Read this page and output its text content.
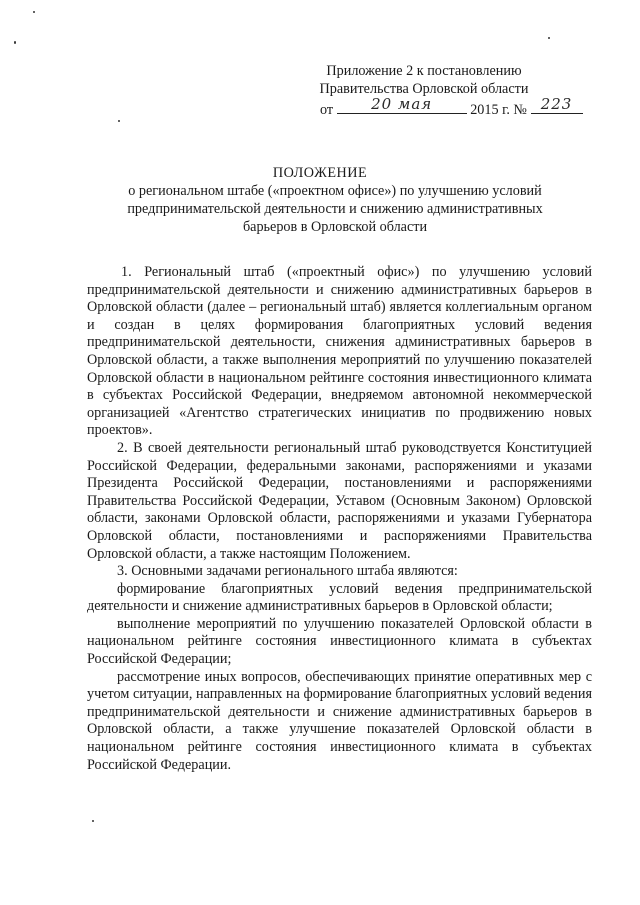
Приложение 2 к постановлению
Правительства Орловской области
от	20 мая	2015 г. № 223
ПОЛОЖЕНИЕ
о региональном штабе («проектном офисе») по улучшению условий
предпринимательской деятельности и снижению административных
барьеров в Орловской области

1. Региональный штаб («проектный офис») по улучшению условий предпринимательской деятельности и снижению административных барьеров в Орловской области (далее – региональный штаб) является коллегиальным органом и создан в целях формирования благоприятных условий ведения предпринимательской деятельности, снижения административных барьеров в Орловской области, а также выполнения мероприятий по улучшению показателей Орловской области в национальном рейтинге состояния инвестиционного климата в субъектах Российской Федерации, внедряемом автономной некоммерческой организацией «Агентство стратегических инициатив по продвижению новых проектов».

2. В своей деятельности региональный штаб руководствуется Конституцией Российской Федерации, федеральными законами, распоряжениями и указами Президента Российской Федерации, постановлениями и распоряжениями Правительства Российской Федерации, Уставом (Основным Законом) Орловской области, законами Орловской области, распоряжениями и указами Губернатора Орловской области, постановлениями и распоряжениями Правительства Орловской области, а также настоящим Положением.

3. Основными задачами регионального штаба являются:

формирование благоприятных условий ведения предпринимательской деятельности и снижение административных барьеров в Орловской области;

выполнение мероприятий по улучшению показателей Орловской области в национальном рейтинге состояния инвестиционного климата в субъектах Российской Федерации;

рассмотрение иных вопросов, обеспечивающих принятие оперативных мер с учетом ситуации, направленных на формирование благоприятных условий ведения предпринимательской деятельности и снижение административных барьеров в Орловской области, а также улучшение показателей Орловской области в национальном рейтинге состояния инвестиционного климата в субъектах Российской Федерации.
